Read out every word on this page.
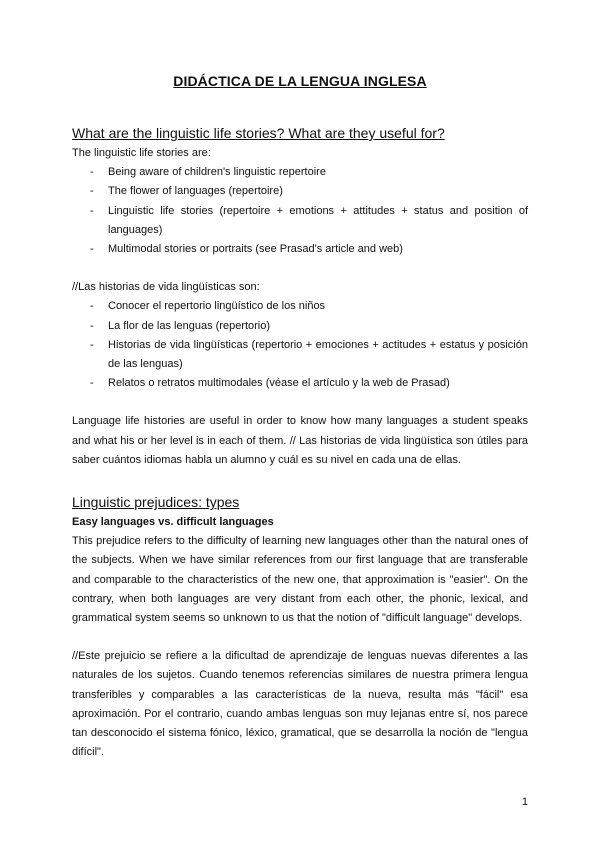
DIDÁCTICA DE LA LENGUA INGLESA
What are the linguistic life stories? What are they useful for?

The linguistic life stories are:

- Being aware of children's linguistic repertoire
- The flower of languages (repertoire)
- Linguistic life stories (repertoire + emotions + attitudes + status and position of languages)
- Multimodal stories or portraits (see Prasad's article and web)

//Las historias de vida lingüísticas son:

- Conocer el repertorio lingüístico de los niños
- La flor de las lenguas (repertorio)
- Historias de vida lingüísticas (repertorio + emociones + actitudes + estatus y posición de las lenguas)
- Relatos o retratos multimodales (véase el artículo y la web de Prasad)

Language life histories are useful in order to know how many languages a student speaks and what his or her level is in each of them. // Las historias de vida lingüística son útiles para saber cuántos idiomas habla un alumno y cuál es su nivel en cada una de ellas.

Linguistic prejudices: types

Easy languages vs. difficult languages

This prejudice refers to the difficulty of learning new languages other than the natural ones of the subjects. When we have similar references from our first language that are transferable and comparable to the characteristics of the new one, that approximation is "easier". On the contrary, when both languages are very distant from each other, the phonic, lexical, and grammatical system seems so unknown to us that the notion of "difficult language" develops.

//Este prejuicio se refiere a la dificultad de aprendizaje de lenguas nuevas diferentes a las naturales de los sujetos. Cuando tenemos referencias similares de nuestra primera lengua transferibles y comparables a las características de la nueva, resulta más "fácil" esa aproximación. Por el contrario, cuando ambas lenguas son muy lejanas entre sí, nos parece tan desconocido el sistema fónico, léxico, gramatical, que se desarrolla la noción de "lengua difícil".

1
